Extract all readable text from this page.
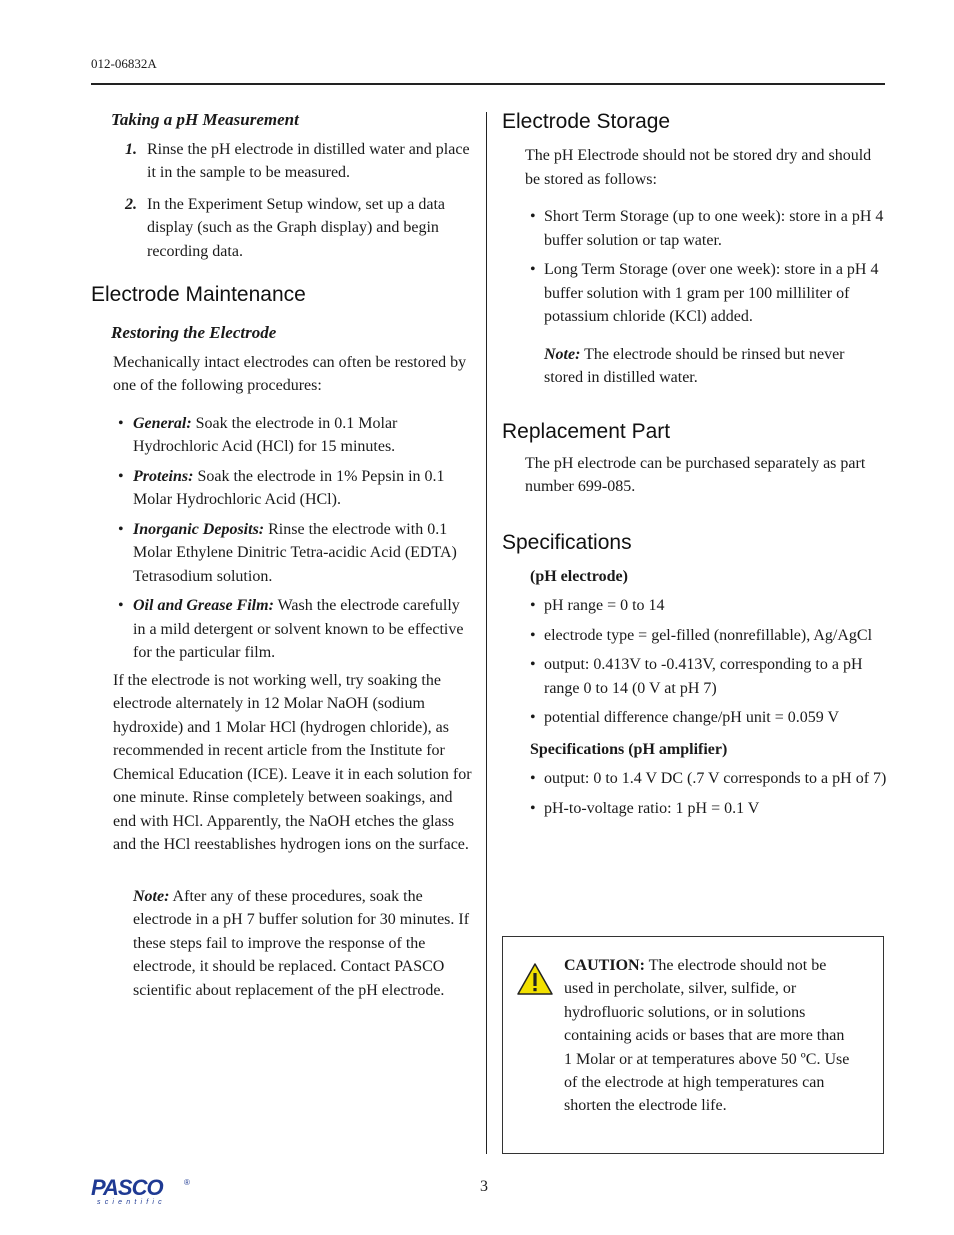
012-06832A
Taking a pH Measurement
1. Rinse the pH electrode in distilled water and place it in the sample to be measured.
2. In the Experiment Setup window, set up a data display (such as the Graph display) and begin recording data.
Electrode Maintenance
Restoring the Electrode

Mechanically intact electrodes can often be restored by one of the following procedures:

• General: Soak the electrode in 0.1 Molar Hydrochloric Acid (HCl) for 15 minutes.
• Proteins: Soak the electrode in 1% Pepsin in 0.1 Molar Hydrochloric Acid (HCl).
• Inorganic Deposits: Rinse the electrode with 0.1 Molar Ethylene Dinitric Tetra-acidic Acid (EDTA) Tetrasodium solution.
• Oil and Grease Film: Wash the electrode carefully in a mild detergent or solvent known to be effective for the particular film.

If the electrode is not working well, try soaking the electrode alternately in 12 Molar NaOH (sodium hydroxide) and 1 Molar HCl (hydrogen chloride), as recommended in recent article from the Institute for Chemical Education (ICE). Leave it in each solution for one minute. Rinse completely between soakings, and end with HCl. Apparently, the NaOH etches the glass and the HCl reestablishes hydrogen ions on the surface.

Note: After any of these procedures, soak the electrode in a pH 7 buffer solution for 30 minutes. If these steps fail to improve the response of the electrode, it should be replaced. Contact PASCO scientific about replacement of the pH electrode.

Electrode Storage

The pH Electrode should not be stored dry and should be stored as follows:

• Short Term Storage (up to one week): store in a pH 4 buffer solution or tap water.
• Long Term Storage (over one week): store in a pH 4 buffer solution with 1 gram per 100 milliliter of potassium chloride (KCl) added.

Note: The electrode should be rinsed but never stored in distilled water.

Replacement Part

The pH electrode can be purchased separately as part number 699-085.

Specifications
(pH electrode)
• pH range = 0 to 14
• electrode type = gel-filled (nonrefillable), Ag/AgCl
• output: 0.413V to -0.413V, corresponding to a pH range 0 to 14 (0 V at pH 7)
• potential difference change/pH unit = 0.059 V
Specifications (pH amplifier)
• output: 0 to 1.4 V DC (.7 V corresponds to a pH of 7)
• pH-to-voltage ratio: 1 pH = 0.1 V
CAUTION: The electrode should not be used in percholate, silver, sulfide, or hydrofluoric solutions, or in solutions containing acids or bases that are more than 1 Molar or at temperatures above 50 ºC. Use of the electrode at high temperatures can shorten the electrode life.
PASCO	®
scientific
3
